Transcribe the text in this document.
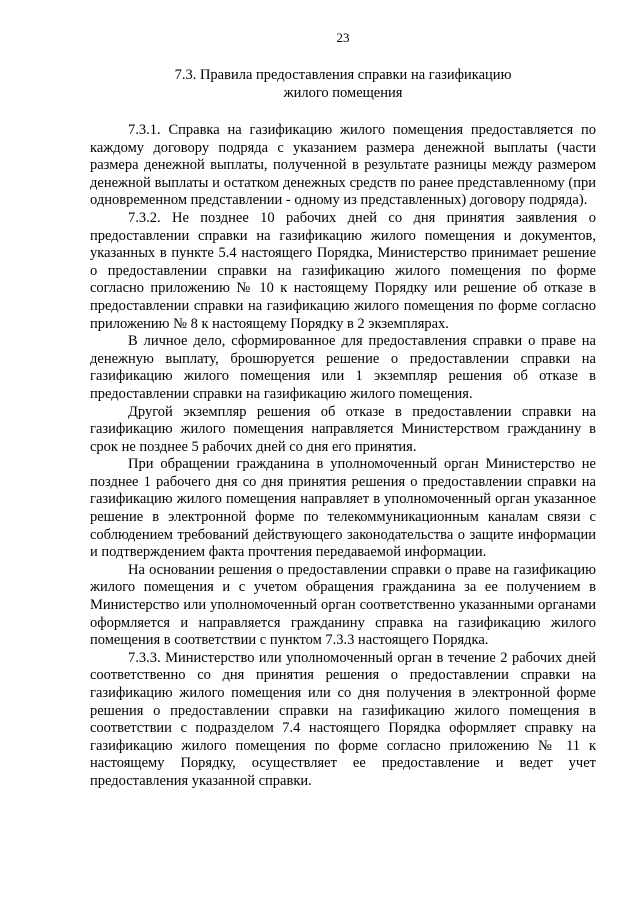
23
7.3. Правила предоставления справки на газификацию
жилого помещения

7.3.1. Справка на газификацию жилого помещения предоставляется по каждому договору подряда с указанием размера денежной выплаты (части размера денежной выплаты, полученной в результате разницы между размером денежной выплаты и остатком денежных средств по ранее представленному (при одновременном представлении - одному из представленных) договору подряда).

7.3.2. Не позднее 10 рабочих дней со дня принятия заявления о предоставлении справки на газификацию жилого помещения и документов, указанных в пункте 5.4 настоящего Порядка, Министерство принимает решение о предоставлении справки на газификацию жилого помещения по форме согласно приложению № 10 к настоящему Порядку или решение об отказе в предоставлении справки на газификацию жилого помещения по форме согласно приложению № 8 к настоящему Порядку в 2 экземплярах.

В личное дело, сформированное для предоставления справки о праве на денежную выплату, брошюруется решение о предоставлении справки на газификацию жилого помещения или 1 экземпляр решения об отказе в предоставлении справки на газификацию жилого помещения.

Другой экземпляр решения об отказе в предоставлении справки на газификацию жилого помещения направляется Министерством гражданину в срок не позднее 5 рабочих дней со дня его принятия.

При обращении гражданина в уполномоченный орган Министерство не позднее 1 рабочего дня со дня принятия решения о предоставлении справки на газификацию жилого помещения направляет в уполномоченный орган указанное решение в электронной форме по телекоммуникационным каналам связи с соблюдением требований действующего законодательства о защите информации и подтверждением факта прочтения передаваемой информации.

На основании решения о предоставлении справки о праве на газификацию жилого помещения и с учетом обращения гражданина за ее получением в Министерство или уполномоченный орган соответственно указанными органами оформляется и направляется гражданину справка на газификацию жилого помещения в соответствии с пунктом 7.3.3 настоящего Порядка.

7.3.3. Министерство или уполномоченный орган в течение 2 рабочих дней соответственно со дня принятия решения о предоставлении справки на газификацию жилого помещения или со дня получения в электронной форме решения о предоставлении справки на газификацию жилого помещения в соответствии с подразделом 7.4 настоящего Порядка оформляет справку на газификацию жилого помещения по форме согласно приложению № 11 к настоящему Порядку, осуществляет ее предоставление и ведет учет предоставления указанной справки.
